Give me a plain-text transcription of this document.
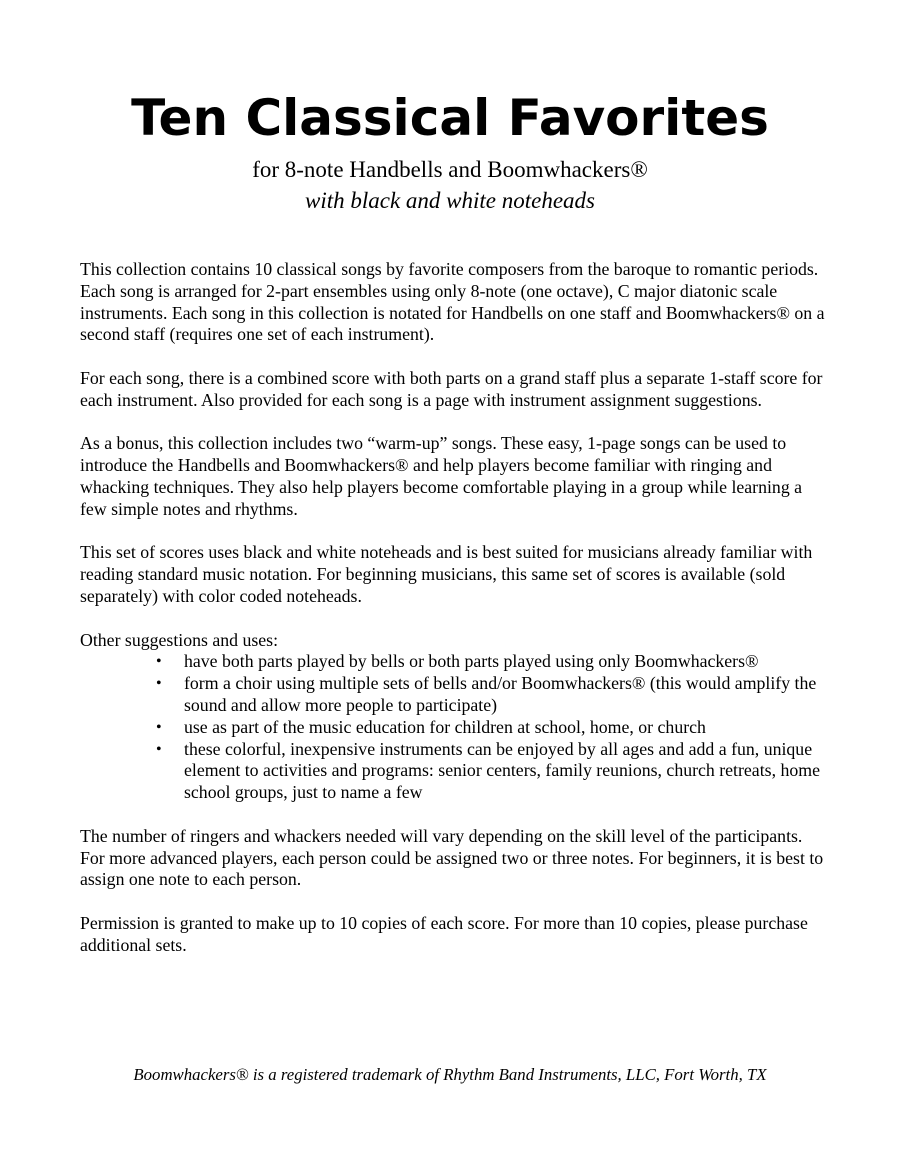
Ten Classical Favorites
for 8-note Handbells and Boomwhackers®
with black and white noteheads

This collection contains 10 classical songs by favorite composers from the baroque to romantic periods. Each song is arranged for 2-part ensembles using only 8-note (one octave), C major diatonic scale instruments. Each song in this collection is notated for Handbells on one staff and Boomwhackers® on a second staff (requires one set of each instrument).

For each song, there is a combined score with both parts on a grand staff plus a separate 1-staff score for each instrument. Also provided for each song is a page with instrument assignment suggestions.

As a bonus, this collection includes two “warm-up” songs. These easy, 1-page songs can be used to introduce the Handbells and Boomwhackers® and help players become familiar with ringing and whacking techniques. They also help players become comfortable playing in a group while learning a few simple notes and rhythms.

This set of scores uses black and white noteheads and is best suited for musicians already familiar with reading standard music notation. For beginning musicians, this same set of scores is available (sold separately) with color coded noteheads.

Other suggestions and uses:

• have both parts played by bells or both parts played using only Boomwhackers®
• form a choir using multiple sets of bells and/or Boomwhackers® (this would amplify the sound and allow more people to participate)
• use as part of the music education for children at school, home, or church
• these colorful, inexpensive instruments can be enjoyed by all ages and add a fun, unique element to activities and programs: senior centers, family reunions, church retreats, home school groups, just to name a few

The number of ringers and whackers needed will vary depending on the skill level of the participants. For more advanced players, each person could be assigned two or three notes. For beginners, it is best to assign one note to each person.

Permission is granted to make up to 10 copies of each score. For more than 10 copies, please purchase additional sets.

Boomwhackers® is a registered trademark of Rhythm Band Instruments, LLC, Fort Worth, TX
